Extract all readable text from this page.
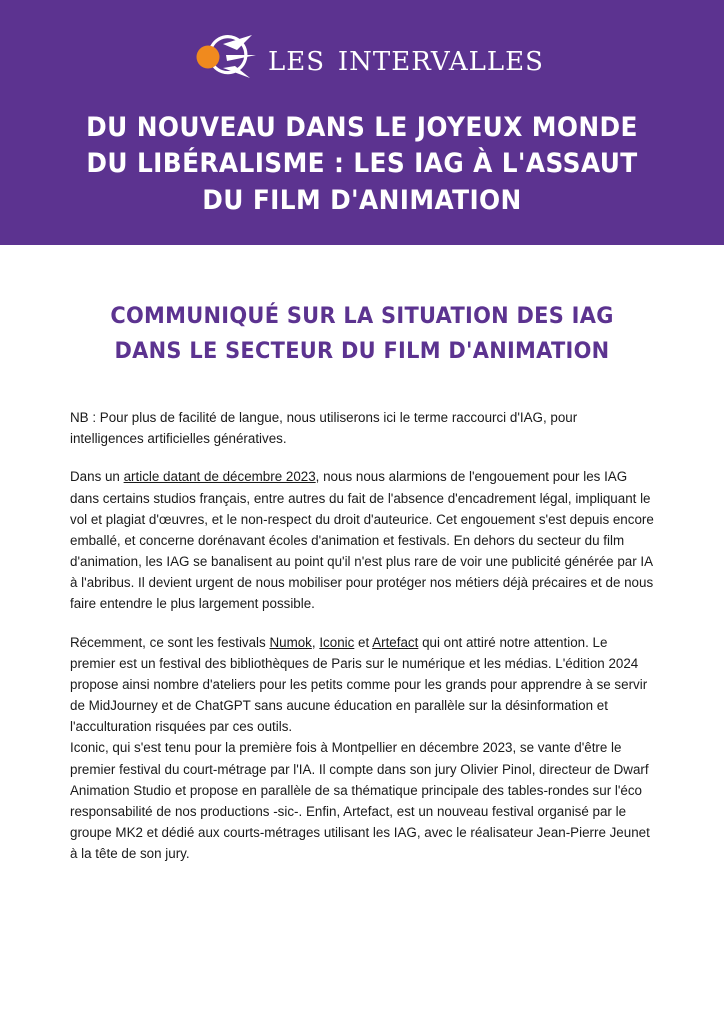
les intervalles
DU NOUVEAU DANS LE JOYEUX MONDE DU LIBÉRALISME : LES IAG À L'ASSAUT DU FILM D'ANIMATION
COMMUNIQUÉ SUR LA SITUATION DES IAG
DANS LE SECTEUR DU FILM D'ANIMATION

NB : Pour plus de facilité de langue, nous utiliserons ici le terme raccourci d'IAG, pour intelligences artificielles génératives.

Dans un article datant de décembre 2023, nous nous alarmions de l'engouement pour les IAG dans certains studios français, entre autres du fait de l'absence d'encadrement légal, impliquant le vol et plagiat d'œuvres, et le non-respect du droit d'auteurice. Cet engouement s'est depuis encore emballé, et concerne dorénavant écoles d'animation et festivals. En dehors du secteur du film d'animation, les IAG se banalisent au point qu'il n'est plus rare de voir une publicité générée par IA à l'abribus. Il devient urgent de nous mobiliser pour protéger nos métiers déjà précaires et de nous faire entendre le plus largement possible.

Récemment, ce sont les festivals Numok, Iconic et Artefact qui ont attiré notre attention. Le premier est un festival des bibliothèques de Paris sur le numérique et les médias. L'édition 2024 propose ainsi nombre d'ateliers pour les petits comme pour les grands pour apprendre à se servir de MidJourney et de ChatGPT sans aucune éducation en parallèle sur la désinformation et l'acculturation risquées par ces outils.
Iconic, qui s'est tenu pour la première fois à Montpellier en décembre 2023, se vante d'être le premier festival du court-métrage par l'IA. Il compte dans son jury Olivier Pinol, directeur de Dwarf Animation Studio et propose en parallèle de sa thématique principale des tables-rondes sur l'éco responsabilité de nos productions -sic-. Enfin, Artefact, est un nouveau festival organisé par le groupe MK2 et dédié aux courts-métrages utilisant les IAG, avec le réalisateur Jean-Pierre Jeunet à la tête de son jury.
